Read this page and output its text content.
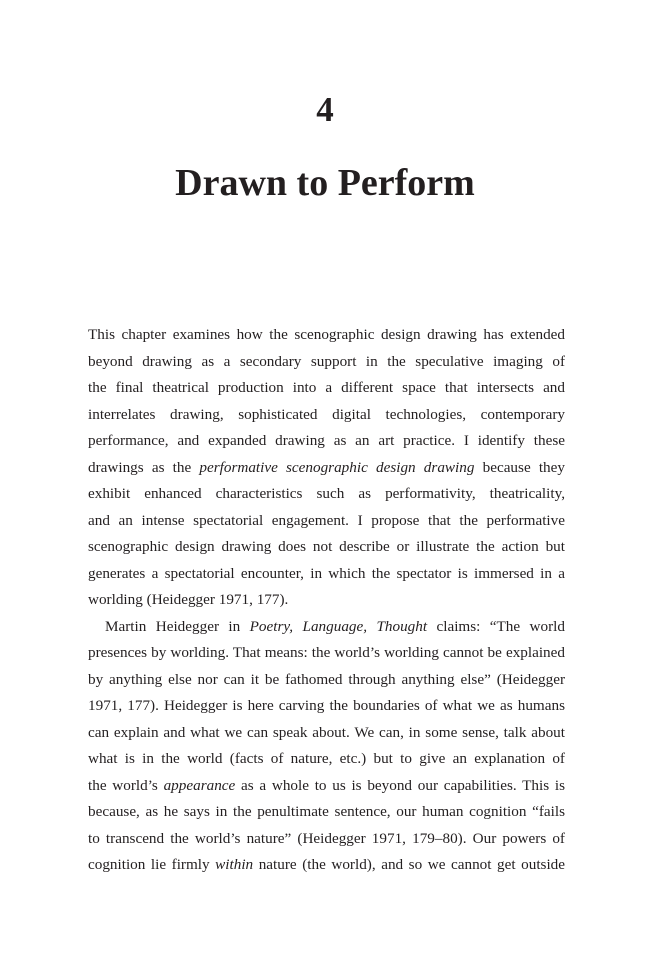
4
Drawn to Perform
This chapter examines how the scenographic design drawing has extended
beyond drawing as a secondary support in the speculative imaging of
the final theatrical production into a different space that intersects and
interrelates drawing, sophisticated digital technologies, contemporary
performance, and expanded drawing as an art practice. I identify these
drawings as the performative scenographic design drawing because they
exhibit enhanced characteristics such as performativity, theatricality,
and an intense spectatorial engagement. I propose that the performative
scenographic design drawing does not describe or illustrate the action but
generates a spectatorial encounter, in which the spectator is immersed in a
worlding (Heidegger 1971, 177).
Martin Heidegger in Poetry, Language, Thought claims: “The world
presences by worlding. That means: the world’s worlding cannot be explained
by anything else nor can it be fathomed through anything else” (Heidegger
1971, 177). Heidegger is here carving the boundaries of what we as humans
can explain and what we can speak about. We can, in some sense, talk about
what is in the world (facts of nature, etc.) but to give an explanation of
the world’s appearance as a whole to us is beyond our capabilities. This is
because, as he says in the penultimate sentence, our human cognition “fails
to transcend the world’s nature” (Heidegger 1971, 179–80). Our powers of
cognition lie firmly within nature (the world), and so we cannot get outside
